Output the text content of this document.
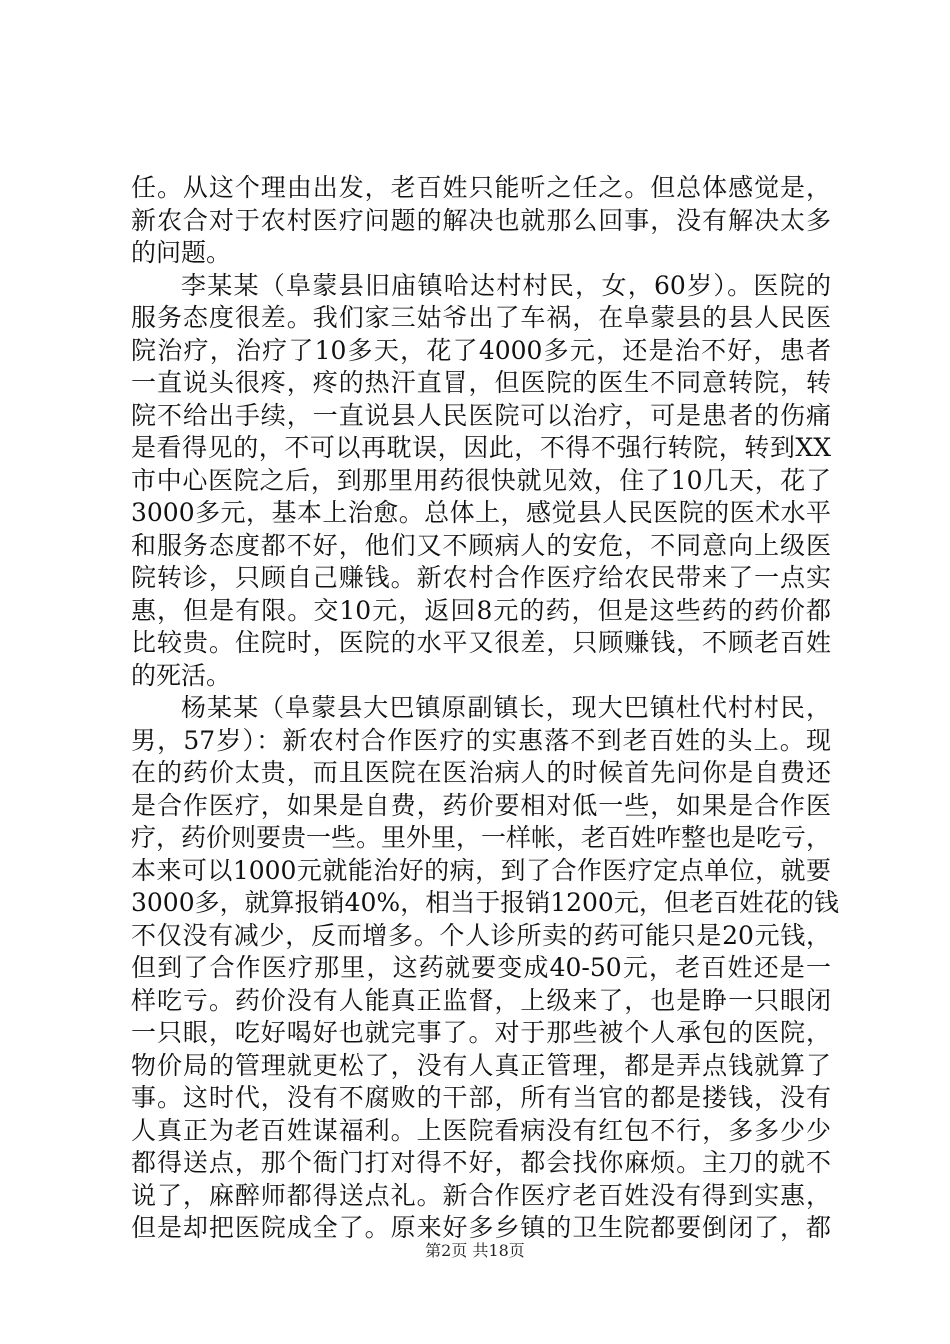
任。从这个理由出发，老百姓只能听之任之。但总体感觉是，
新农合对于农村医疗问题的解决也就那么回事，没有解决太多
的问题。
李某某（阜蒙县旧庙镇哈达村村民，女，60岁）。医院的
服务态度很差。我们家三姑爷出了车祸，在阜蒙县的县人民医
院治疗，治疗了10多天，花了4000多元，还是治不好，患者
一直说头很疼，疼的热汗直冒，但医院的医生不同意转院，转
院不给出手续，一直说县人民医院可以治疗，可是患者的伤痛
是看得见的，不可以再耽误，因此，不得不强行转院，转到XX
市中心医院之后，到那里用药很快就见效，住了10几天，花了
3000多元，基本上治愈。总体上，感觉县人民医院的医术水平
和服务态度都不好，他们又不顾病人的安危，不同意向上级医
院转诊，只顾自己赚钱。新农村合作医疗给农民带来了一点实
惠，但是有限。交10元，返回8元的药，但是这些药的药价都
比较贵。住院时，医院的水平又很差，只顾赚钱，不顾老百姓
的死活。
杨某某（阜蒙县大巴镇原副镇长，现大巴镇杜代村村民，
男，57岁）：新农村合作医疗的实惠落不到老百姓的头上。现
在的药价太贵，而且医院在医治病人的时候首先问你是自费还
是合作医疗，如果是自费，药价要相对低一些，如果是合作医
疗，药价则要贵一些。里外里，一样帐，老百姓咋整也是吃亏，
本来可以1000元就能治好的病，到了合作医疗定点单位，就要
3000多，就算报销40%，相当于报销1200元，但老百姓花的钱
不仅没有减少，反而增多。个人诊所卖的药可能只是20元钱，
但到了合作医疗那里，这药就要变成40-50元，老百姓还是一
样吃亏。药价没有人能真正监督，上级来了，也是睁一只眼闭
一只眼，吃好喝好也就完事了。对于那些被个人承包的医院，
物价局的管理就更松了，没有人真正管理，都是弄点钱就算了
事。这时代，没有不腐败的干部，所有当官的都是搂钱，没有
人真正为老百姓谋福利。上医院看病没有红包不行，多多少少
都得送点，那个衙门打对得不好，都会找你麻烦。主刀的就不
说了，麻醉师都得送点礼。新合作医疗老百姓没有得到实惠，
但是却把医院成全了。原来好多乡镇的卫生院都要倒闭了，都
第2页 共18页
